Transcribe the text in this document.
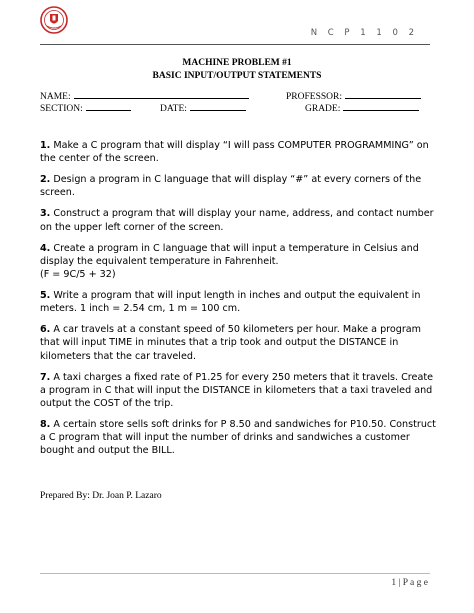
N C P 1 1 0 2
MACHINE PROBLEM #1
BASIC INPUT/OUTPUT STATEMENTS
NAME:	PROFESSOR:
SECTION:	DATE:	GRADE:

1. Make a C program that will display “I will pass COMPUTER PROGRAMMING” on the center of the screen.

2. Design a program in C language that will display “#” at every corners of the screen.

3. Construct a program that will display your name, address, and contact number on the upper left corner of the screen.

4. Create a program in C language that will input a temperature in Celsius and display the equivalent temperature in Fahrenheit.
(F = 9C/5 + 32)

5. Write a program that will input length in inches and output the equivalent in meters. 1 inch = 2.54 cm, 1 m = 100 cm.

6. A car travels at a constant speed of 50 kilometers per hour. Make a program that will input TIME in minutes that a trip took and output the DISTANCE in kilometers that the car traveled.

7. A taxi charges a fixed rate of P1.25 for every 250 meters that it travels. Create a program in C that will input the DISTANCE in kilometers that a taxi traveled and output the COST of the trip.

8. A certain store sells soft drinks for P 8.50 and sandwiches for P10.50. Construct a C program that will input the number of drinks and sandwiches a customer bought and output the BILL.

Prepared By: Dr. Joan P. Lazaro
1 | P a g e
